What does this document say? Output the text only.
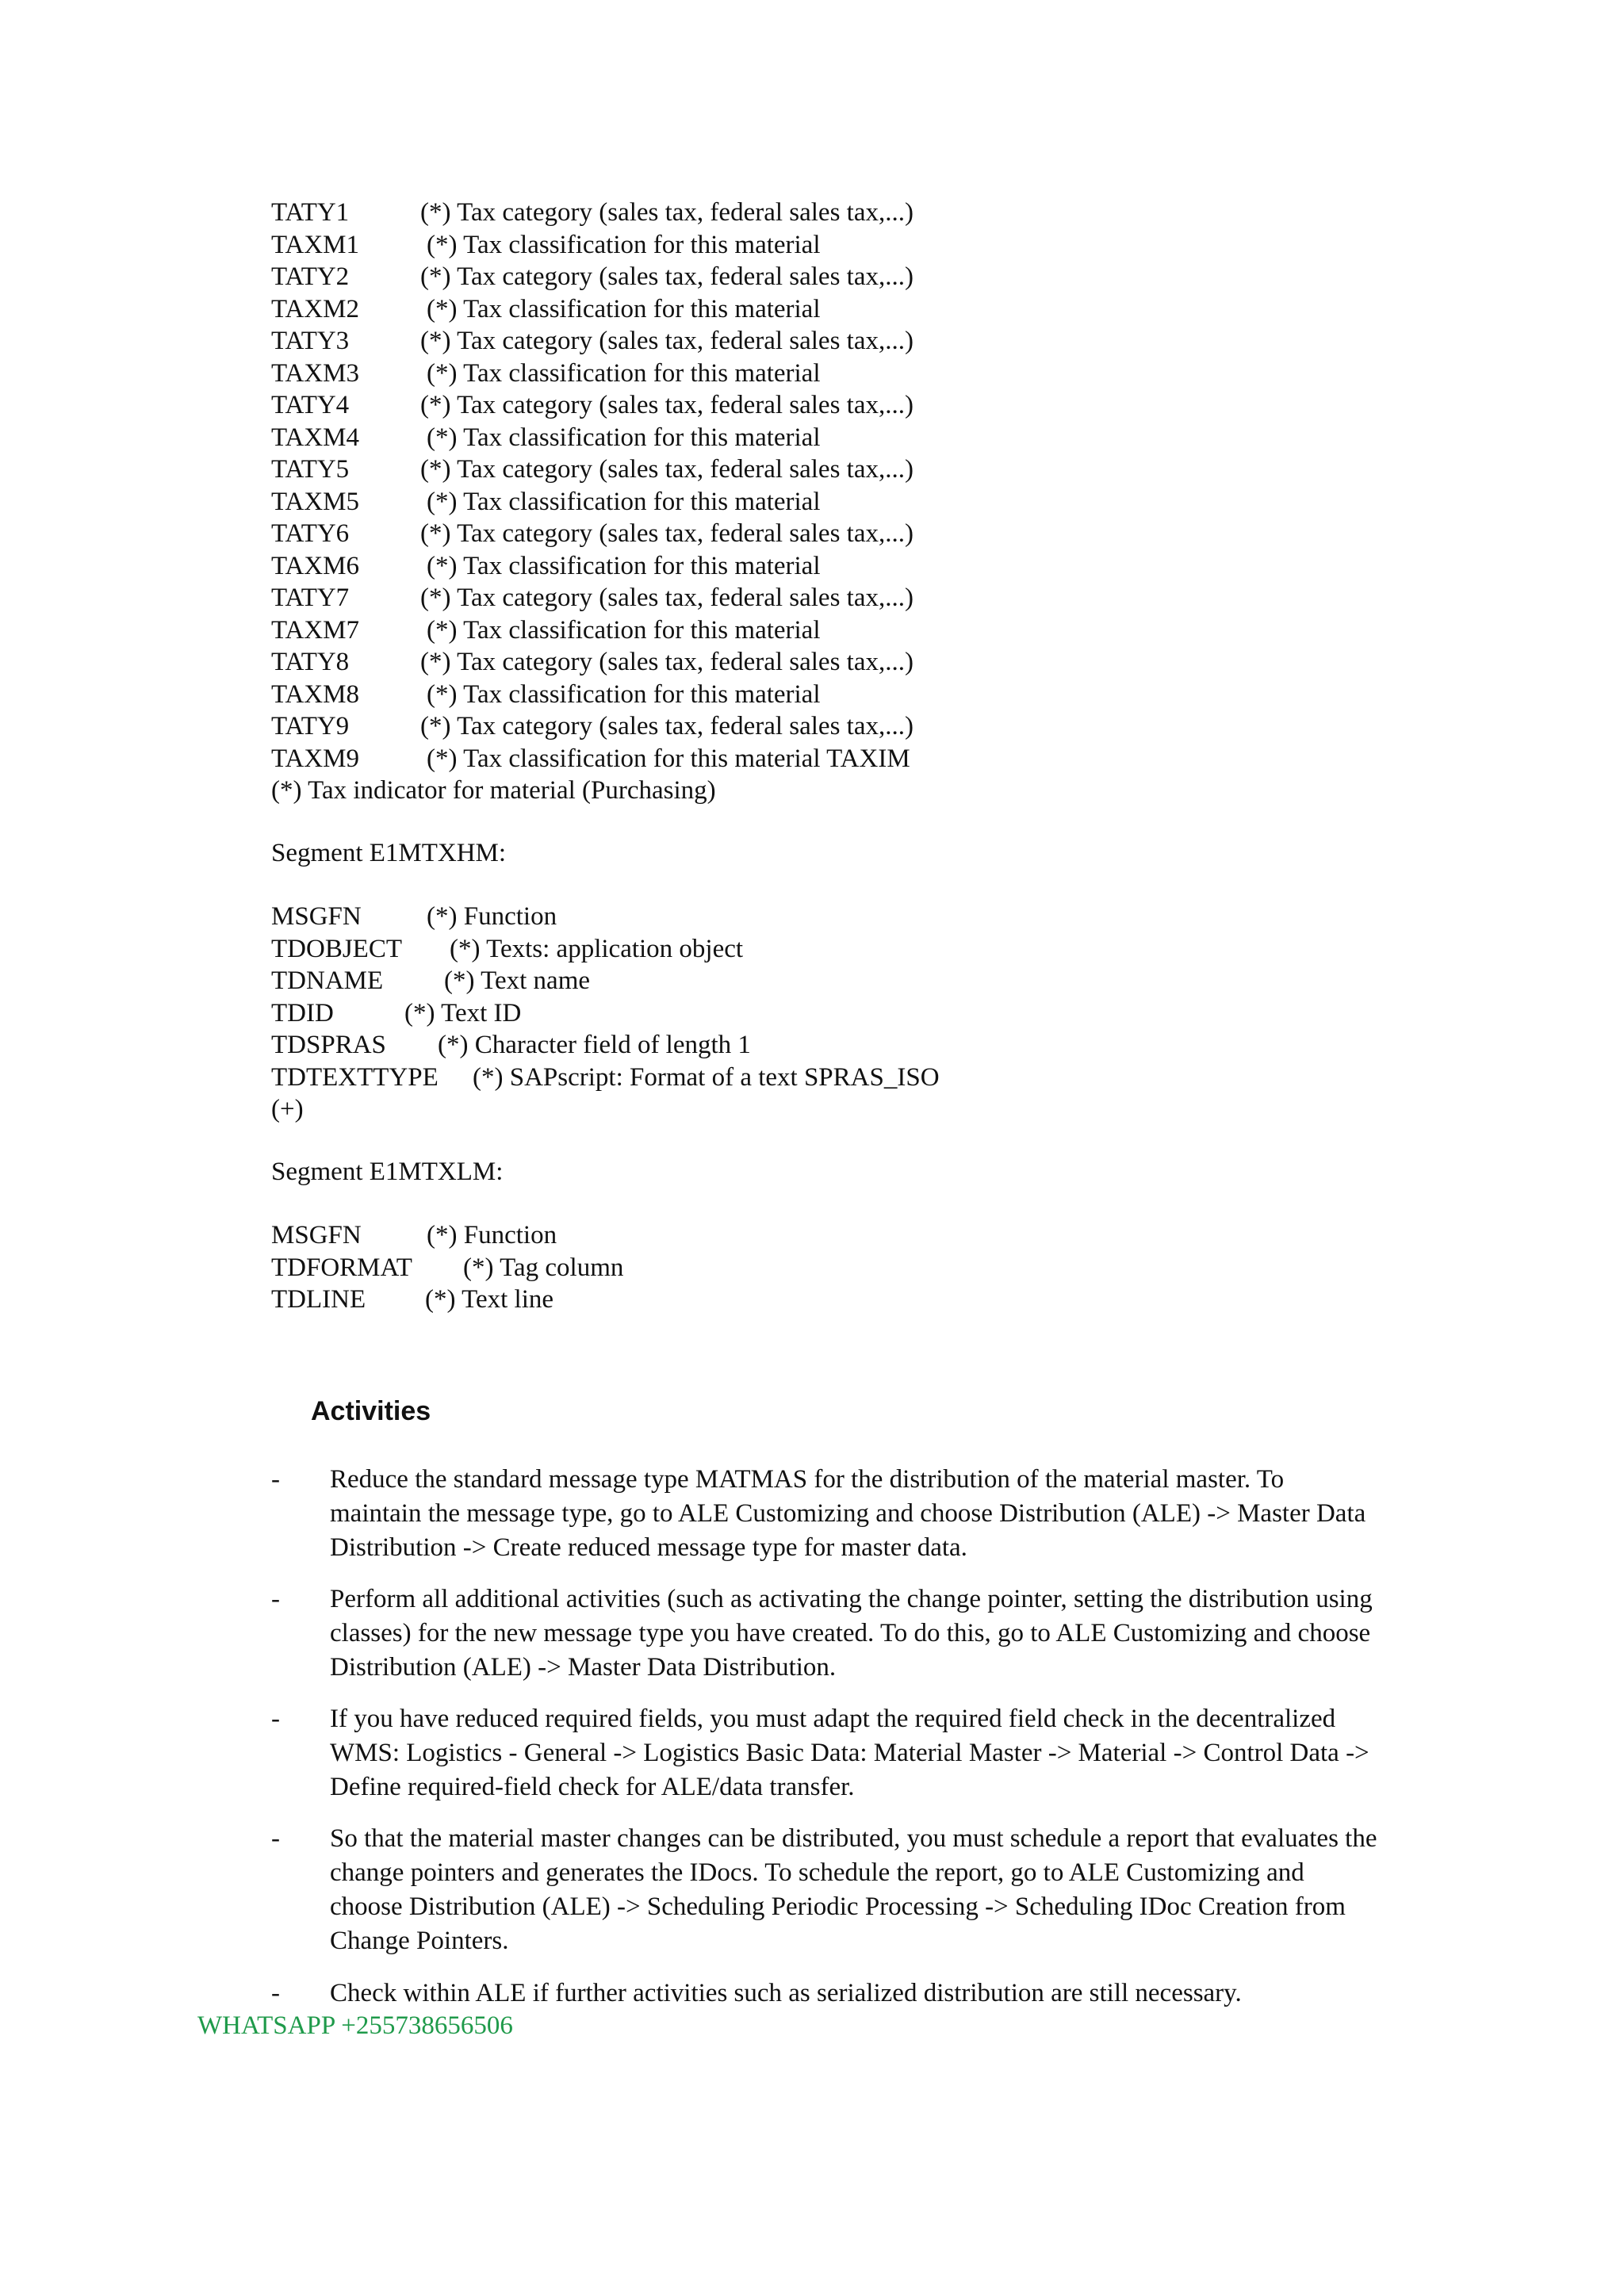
TATY1	(*) Tax category (sales tax, federal sales tax,...)
TAXM1	(*) Tax classification for this material
TATY2	(*) Tax category (sales tax, federal sales tax,...)
TAXM2	(*) Tax classification for this material
TATY3	(*) Tax category (sales tax, federal sales tax,...)
TAXM3	(*) Tax classification for this material
TATY4	(*) Tax category (sales tax, federal sales tax,...)
TAXM4	(*) Tax classification for this material
TATY5	(*) Tax category (sales tax, federal sales tax,...)
TAXM5	(*) Tax classification for this material
TATY6	(*) Tax category (sales tax, federal sales tax,...)
TAXM6	(*) Tax classification for this material
TATY7	(*) Tax category (sales tax, federal sales tax,...)
TAXM7	(*) Tax classification for this material
TATY8	(*) Tax category (sales tax, federal sales tax,...)
TAXM8	(*) Tax classification for this material
TATY9	(*) Tax category (sales tax, federal sales tax,...)
TAXM9	(*) Tax classification for this material TAXIM
(*) Tax indicator for material (Purchasing)
Segment E1MTXHM:
MSGFN (*) Function
TDOBJECT (*) Texts: application object
TDNAME (*) Text name
TDID	(*) Text ID
TDSPRAS (*) Character field of length 1
TDTEXTTYPE (*) SAPscript: Format of a text SPRAS_ISO
(+)
Segment E1MTXLM:
MSGFN (*) Function
TDFORMAT (*) Tag column
TDLINE (*) Text line
Activities
- Reduce the standard message type MATMAS for the distribution of the material master. To
maintain the message type, go to ALE Customizing and choose Distribution (ALE) -> Master Data
Distribution -> Create reduced message type for master data.
- Perform all additional activities (such as activating the change pointer, setting the distribution using
classes) for the new message type you have created. To do this, go to ALE Customizing and choose
Distribution (ALE) -> Master Data Distribution.
- If you have reduced required fields, you must adapt the required field check in the decentralized
WMS: Logistics - General -> Logistics Basic Data: Material Master -> Material -> Control Data ->
Define required-field check for ALE/data transfer.
- So that the material master changes can be distributed, you must schedule a report that evaluates the
change pointers and generates the IDocs. To schedule the report, go to ALE Customizing and
choose Distribution (ALE) -> Scheduling Periodic Processing -> Scheduling IDoc Creation from
Change Pointers.
- Check within ALE if further activities such as serialized distribution are still necessary.
WHATSAPP +255738656506
